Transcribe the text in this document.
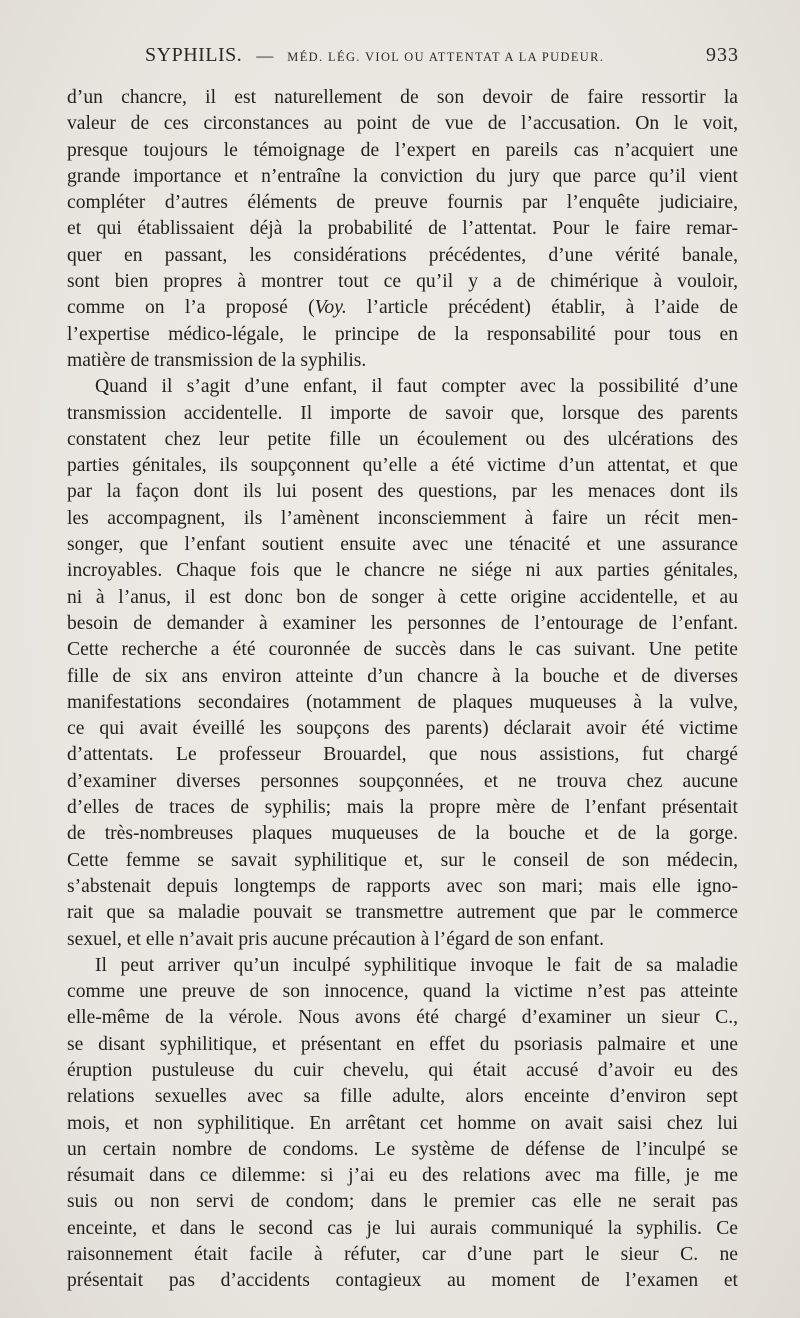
SYPHILIS. — MÉD. LÉG. VIOL OU ATTENTAT A LA PUDEUR.	933
d’un chancre, il est naturellement de son devoir de faire ressortir la
valeur de ces circonstances au point de vue de l’accusation. On le voit,
presque toujours le témoignage de l’expert en pareils cas n’acquiert une
grande importance et n’entraîne la conviction du jury que parce qu’il vient
compléter d’autres éléments de preuve fournis par l’enquête judiciaire,
et qui établissaient déjà la probabilité de l’attentat. Pour le faire remar-
quer en passant, les considérations précédentes, d’une vérité banale,
sont bien propres à montrer tout ce qu’il y a de chimérique à vouloir,
comme on l’a proposé (Voy. l’article précédent) établir, à l’aide de
l’expertise médico-légale, le principe de la responsabilité pour tous en
matière de transmission de la syphilis.
Quand il s’agit d’une enfant, il faut compter avec la possibilité d’une
transmission accidentelle. Il importe de savoir que, lorsque des parents
constatent chez leur petite fille un écoulement ou des ulcérations des
parties génitales, ils soupçonnent qu’elle a été victime d’un attentat, et que
par la façon dont ils lui posent des questions, par les menaces dont ils
les accompagnent, ils l’amènent inconsciemment à faire un récit men-
songer, que l’enfant soutient ensuite avec une ténacité et une assurance
incroyables. Chaque fois que le chancre ne siége ni aux parties génitales,
ni à l’anus, il est donc bon de songer à cette origine accidentelle, et au
besoin de demander à examiner les personnes de l’entourage de l’enfant.
Cette recherche a été couronnée de succès dans le cas suivant. Une petite
fille de six ans environ atteinte d’un chancre à la bouche et de diverses
manifestations secondaires (notamment de plaques muqueuses à la vulve,
ce qui avait éveillé les soupçons des parents) déclarait avoir été victime
d’attentats. Le professeur Brouardel, que nous assistions, fut chargé
d’examiner diverses personnes soupçonnées, et ne trouva chez aucune
d’elles de traces de syphilis; mais la propre mère de l’enfant présentait
de très-nombreuses plaques muqueuses de la bouche et de la gorge.
Cette femme se savait syphilitique et, sur le conseil de son médecin,
s’abstenait depuis longtemps de rapports avec son mari; mais elle igno-
rait que sa maladie pouvait se transmettre autrement que par le commerce
sexuel, et elle n’avait pris aucune précaution à l’égard de son enfant.
Il peut arriver qu’un inculpé syphilitique invoque le fait de sa maladie
comme une preuve de son innocence, quand la victime n’est pas atteinte
elle-même de la vérole. Nous avons été chargé d’examiner un sieur C.,
se disant syphilitique, et présentant en effet du psoriasis palmaire et une
éruption pustuleuse du cuir chevelu, qui était accusé d’avoir eu des
relations sexuelles avec sa fille adulte, alors enceinte d’environ sept
mois, et non syphilitique. En arrêtant cet homme on avait saisi chez lui
un certain nombre de condoms. Le système de défense de l’inculpé se
résumait dans ce dilemme: si j’ai eu des relations avec ma fille, je me
suis ou non servi de condom; dans le premier cas elle ne serait pas
enceinte, et dans le second cas je lui aurais communiqué la syphilis. Ce
raisonnement était facile à réfuter, car d’une part le sieur C. ne
présentait pas d’accidents contagieux au moment de l’examen et
